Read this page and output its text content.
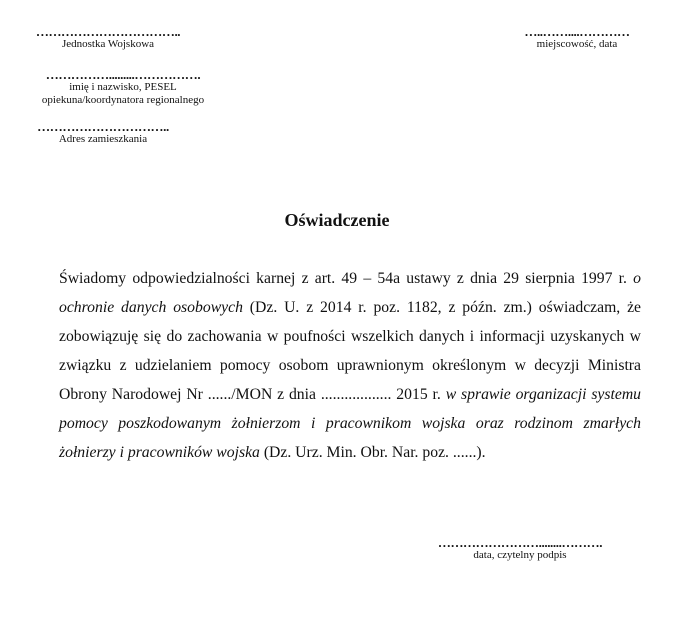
……………………………..
Jednostka Wojskowa
…..……....…………
miejscowość, data
…………….........…………….
imię i nazwisko, PESEL
opiekuna/koordynatora regionalnego
…………………………..
Adres zamieszkania
Oświadczenie

Świadomy odpowiedzialności karnej z art. 49 – 54a ustawy z dnia 29 sierpnia 1997 r. o ochronie danych osobowych (Dz. U. z 2014 r. poz. 1182, z późn. zm.) oświadczam, że zobowiązuję się do zachowania w poufności wszelkich danych i informacji uzyskanych w związku z udzielaniem pomocy osobom uprawnionym określonym w decyzji Ministra Obrony Narodowej Nr ....../MON z dnia .................. 2015 r. w sprawie organizacji systemu pomocy poszkodowanym żołnierzom i pracownikom wojska oraz rodzinom zmarłych żołnierzy i pracowników wojska (Dz. Urz. Min. Obr. Nar. poz. ......).

……………………........……….
data, czytelny podpis
